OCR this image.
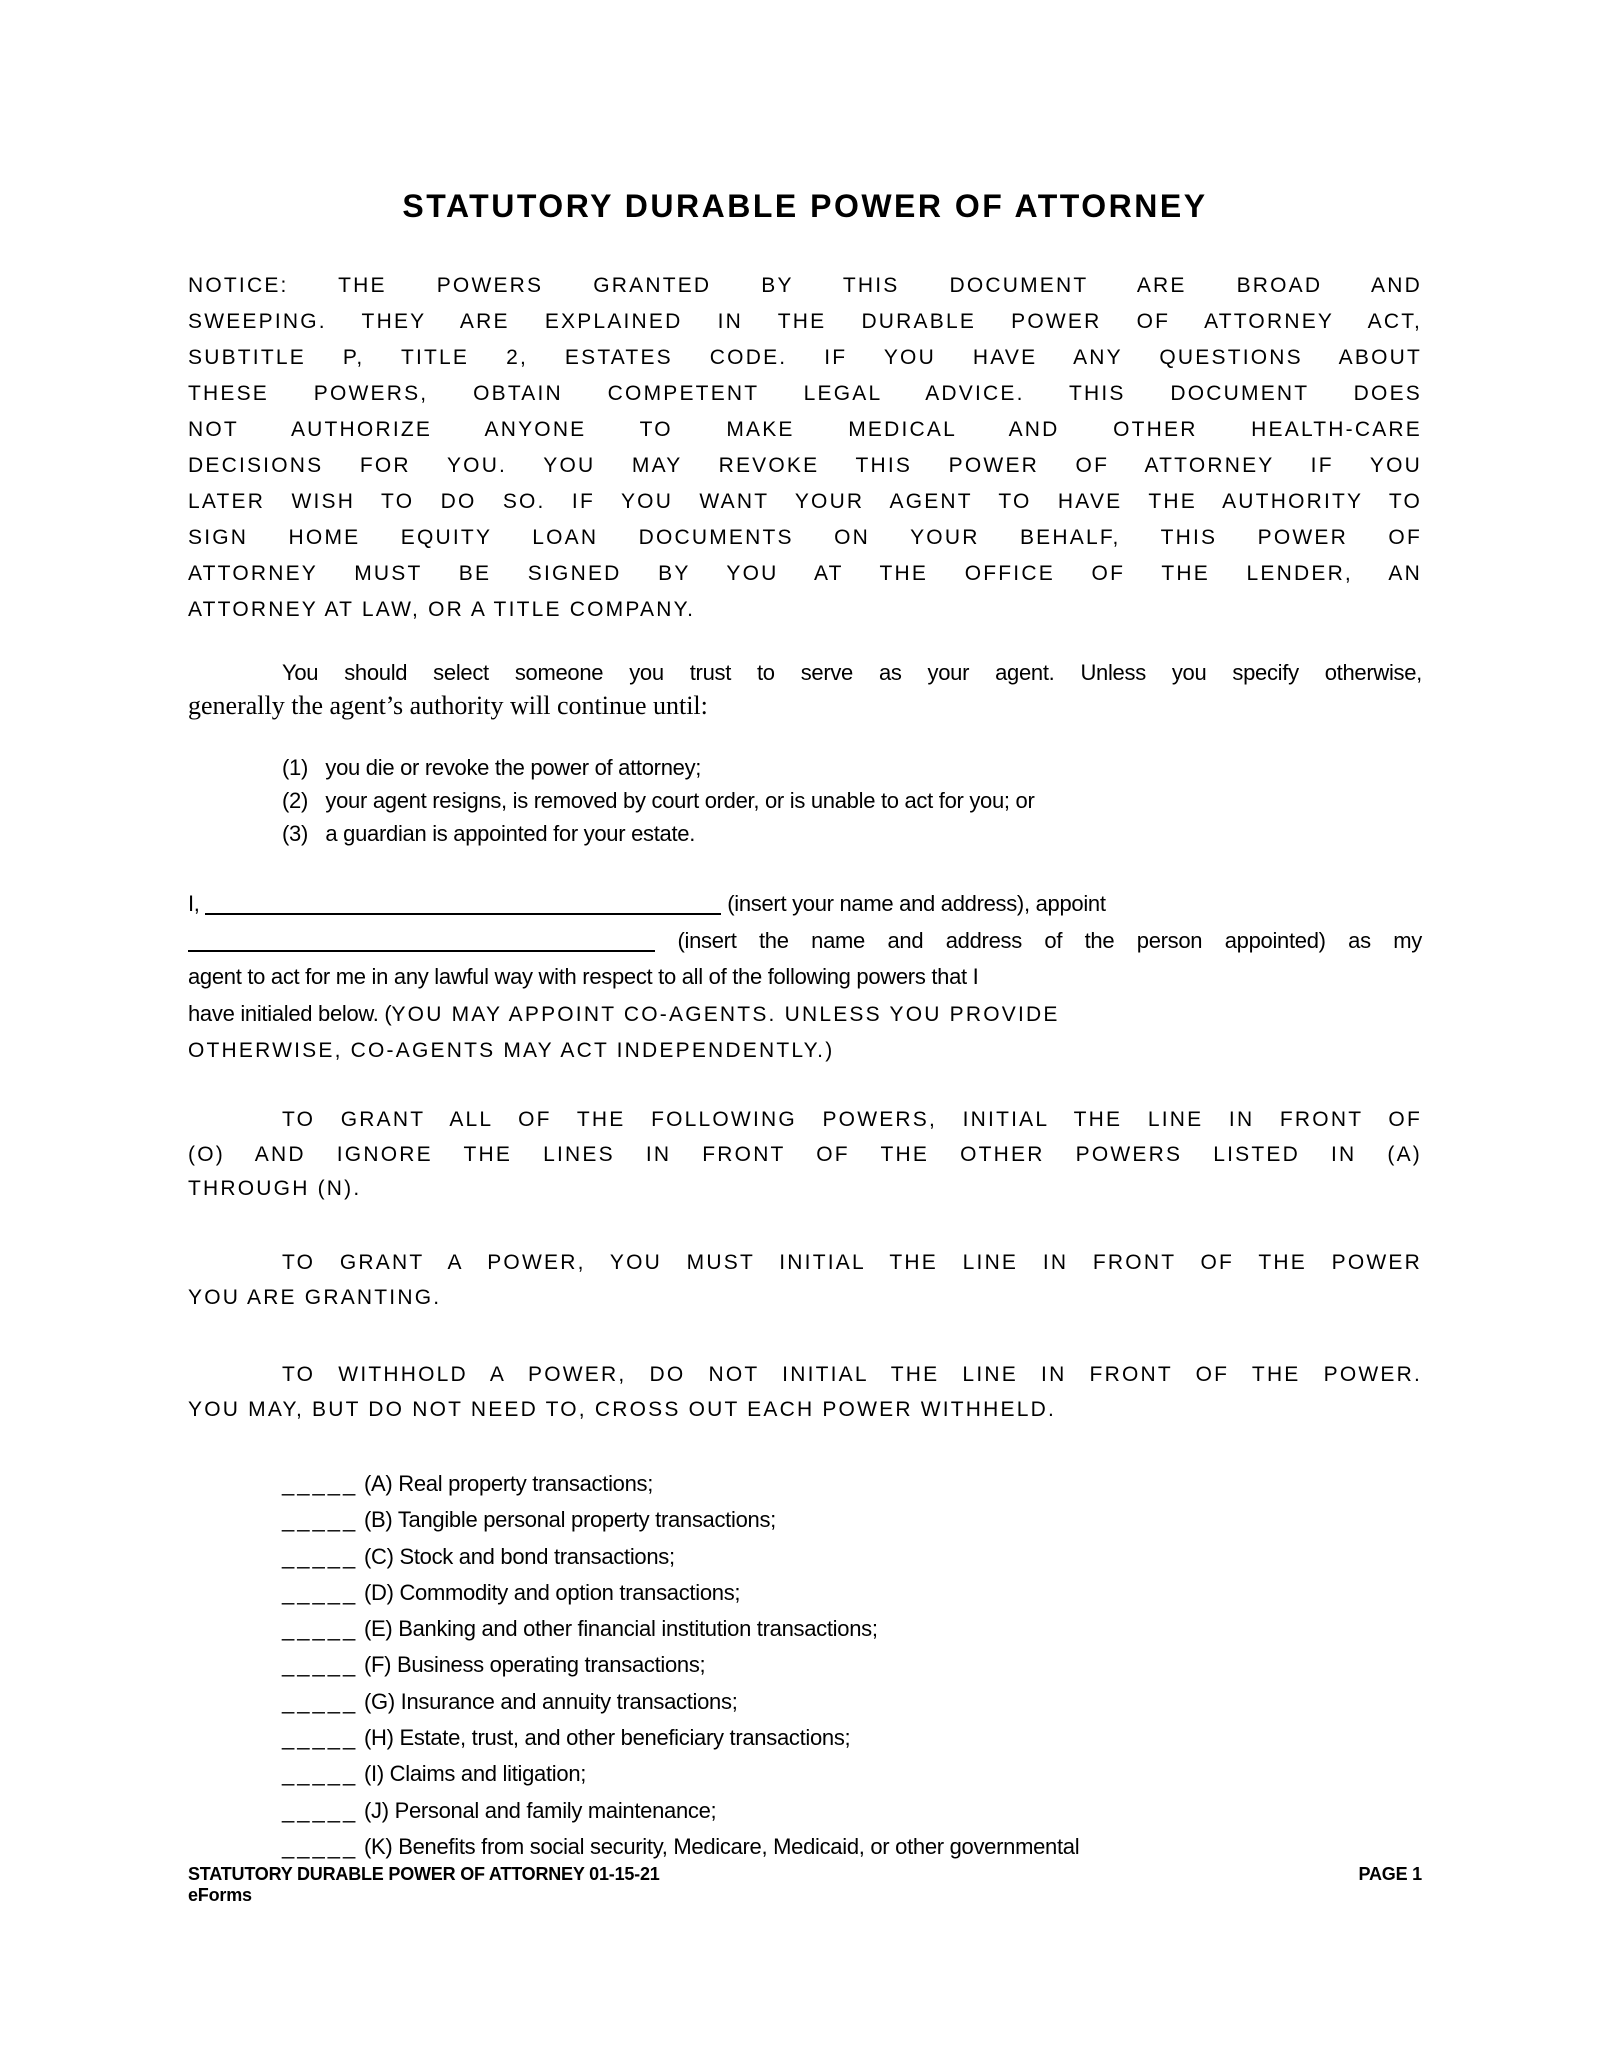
STATUTORY DURABLE POWER OF ATTORNEY
NOTICE: THE POWERS GRANTED BY THIS DOCUMENT ARE BROAD AND
SWEEPING. THEY ARE EXPLAINED IN THE DURABLE POWER OF ATTORNEY ACT,
SUBTITLE P, TITLE 2, ESTATES CODE. IF YOU HAVE ANY QUESTIONS ABOUT
THESE POWERS, OBTAIN COMPETENT LEGAL ADVICE. THIS DOCUMENT DOES
NOT AUTHORIZE ANYONE TO MAKE MEDICAL AND OTHER HEALTH-CARE
DECISIONS FOR YOU. YOU MAY REVOKE THIS POWER OF ATTORNEY IF YOU
LATER WISH TO DO SO. IF YOU WANT YOUR AGENT TO HAVE THE AUTHORITY TO
SIGN HOME EQUITY LOAN DOCUMENTS ON YOUR BEHALF, THIS POWER OF
ATTORNEY MUST BE SIGNED BY YOU AT THE OFFICE OF THE LENDER, AN
ATTORNEY AT LAW, OR A TITLE COMPANY.
You should select someone you trust to serve as your agent. Unless you specify otherwise,
generally the agent’s authority will continue until:
(1)   you die or revoke the power of attorney;
(2)   your agent resigns, is removed by court order, or is unable to act for you; or
(3)   a guardian is appointed for your estate.
I,	(insert your name and address), appoint
(insert the name and address of the person appointed) as my
agent to act for me in any lawful way with respect to all of the following powers that I
have initialed below. (YOU MAY APPOINT CO-AGENTS. UNLESS YOU PROVIDE
OTHERWISE, CO-AGENTS MAY ACT INDEPENDENTLY.)
TO GRANT ALL OF THE FOLLOWING POWERS, INITIAL THE LINE IN FRONT OF
(O) AND IGNORE THE LINES IN FRONT OF THE OTHER POWERS LISTED IN (A)
THROUGH (N).
TO GRANT A POWER, YOU MUST INITIAL THE LINE IN FRONT OF THE POWER
YOU ARE GRANTING.
TO WITHHOLD A POWER, DO NOT INITIAL THE LINE IN FRONT OF THE POWER.
YOU MAY, BUT DO NOT NEED TO, CROSS OUT EACH POWER WITHHELD.
_____ (A) Real property transactions;
_____ (B) Tangible personal property transactions;
_____ (C) Stock and bond transactions;
_____ (D) Commodity and option transactions;
_____ (E) Banking and other financial institution transactions;
_____ (F) Business operating transactions;
_____ (G) Insurance and annuity transactions;
_____ (H) Estate, trust, and other beneficiary transactions;
_____ (I) Claims and litigation;
_____ (J) Personal and family maintenance;
_____ (K) Benefits from social security, Medicare, Medicaid, or other governmental
STATUTORY DURABLE POWER OF ATTORNEY 01-15-21	PAGE 1
eForms
